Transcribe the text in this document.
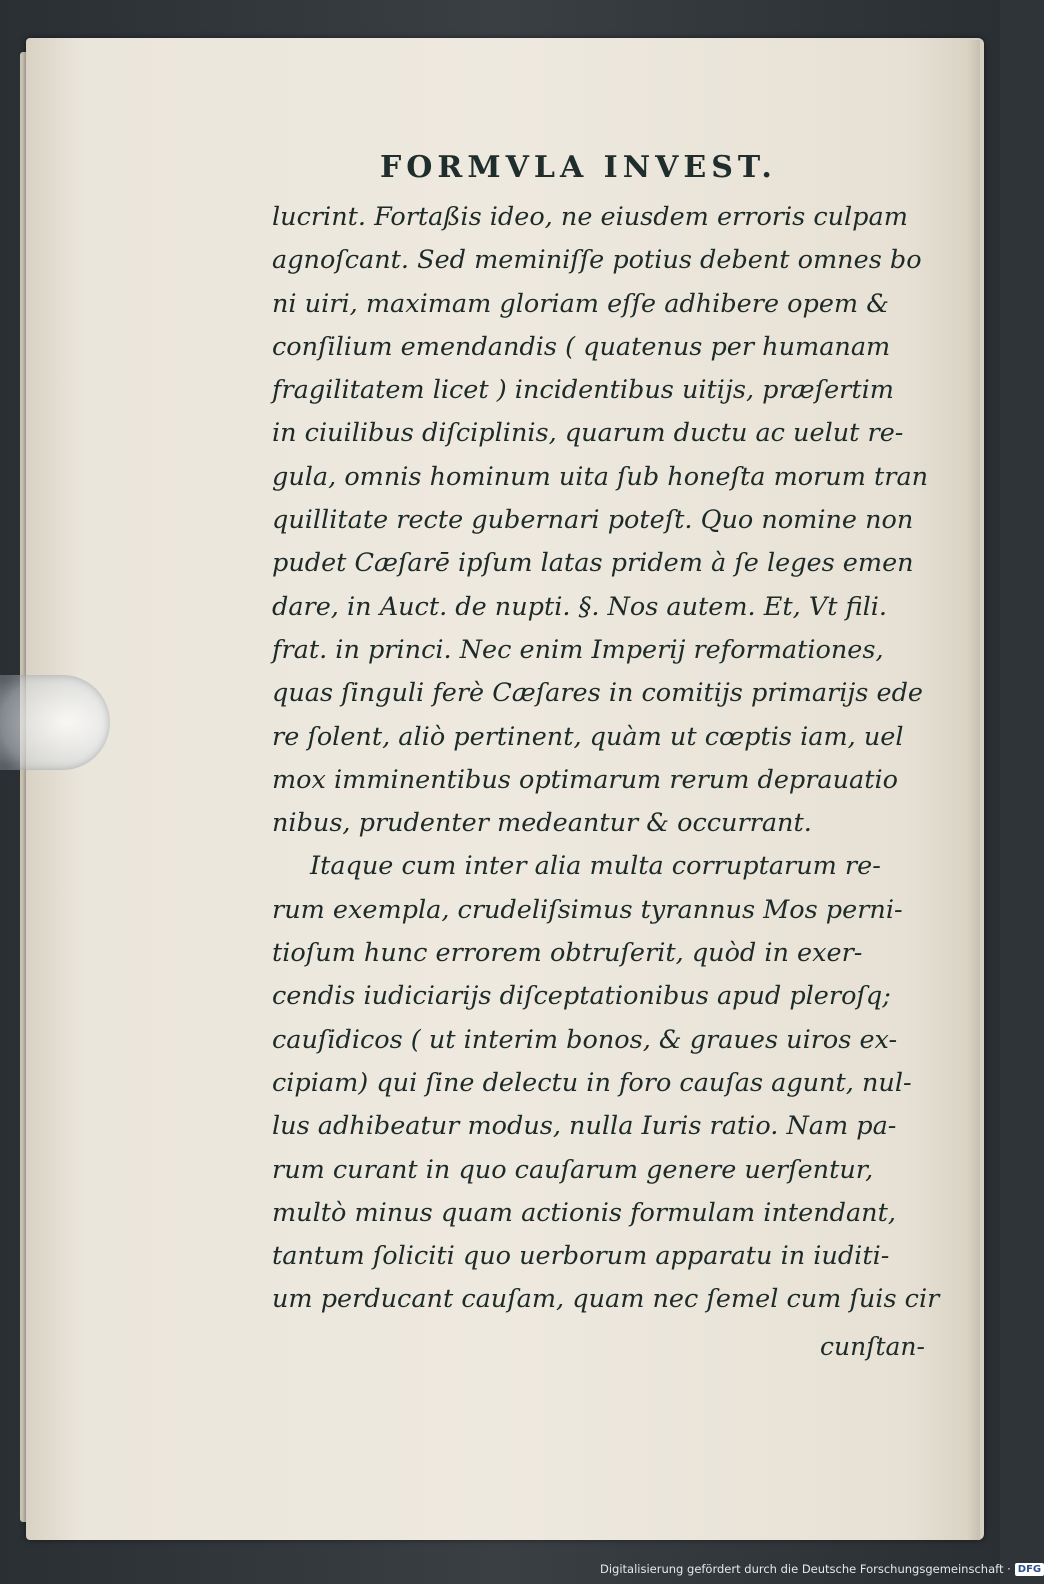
FORMVLA INVEST.
lucrint. Fortaßis ideo, ne eiusdem erroris culpam
agnoſcant. Sed meminiſſe potius debent omnes bo
ni uiri, maximam gloriam eſſe adhibere opem &
conſilium emendandis ( quatenus per humanam
fragilitatem licet ) incidentibus uitijs, præſertim
in ciuilibus diſciplinis, quarum ductu ac uelut re-
gula, omnis hominum uita ſub honeſta morum tran
quillitate recte gubernari poteſt. Quo nomine non
pudet Cæſarē ipſum latas pridem à ſe leges emen
dare, in Auct. de nupti. §. Nos autem. Et, Vt fili.
frat. in princi. Nec enim Imperij reformationes,
quas ſinguli ferè Cæſares in comitijs primarijs ede
re ſolent, aliò pertinent, quàm ut cœptis iam, uel
mox imminentibus optimarum rerum deprauatio
nibus, prudenter medeantur & occurrant.
Itaque cum inter alia multa corruptarum re-
rum exempla, crudeliſsimus tyrannus Mos perni-
tioſum hunc errorem obtruſerit, quòd in exer-
cendis iudiciarijs diſceptationibus apud pleroſq;
cauſidicos ( ut interim bonos, & graues uiros ex-
cipiam) qui ſine delectu in foro cauſas agunt, nul-
lus adhibeatur modus, nulla Iuris ratio. Nam pa-
rum curant in quo cauſarum genere uerſentur,
multò minus quam actionis formulam intendant,
tantum ſoliciti quo uerborum apparatu in iuditi-
um perducant cauſam, quam nec ſemel cum ſuis cir
cunſtan-
Digitalisierung gefördert durch die Deutsche Forschungsgemeinschaft · DFG
